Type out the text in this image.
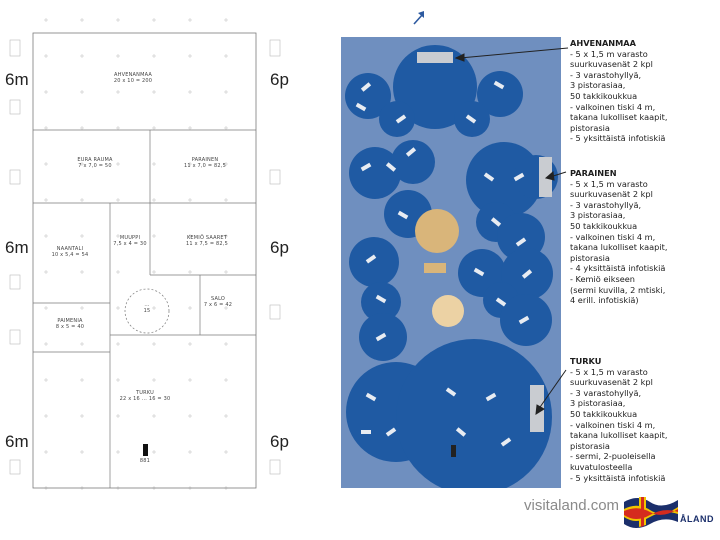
6m	6p
6m	6p
6m	6p
AHVENANMAA
20 x 10 = 200
EURA RAUMA
7 x 7,0 = 50
PARAINEN
11 x 7,0 = 82,5
NAANTALI
10 x 5,4 = 54
MUUPPI
7,5 x 4 = 30
KEMIÖ SAARET
11 x 7,5 = 82,5
SALO
7 x 6 = 42
PAIMENIA
8 x 5 = 40
TURKU
22 x 16 ... 16 = 30
...
15
881
AHVENANMAA
- 5 x 1,5 m varasto
suurkuvasenät 2 kpl
- 3 varastohyllyä,
3 pistorasiaa,
50 takkikoukkua
- valkoinen tiski 4 m,
takana lukolliset kaapit,
pistorasia
- 5 yksittäistä infotiskiä
PARAINEN
- 5 x 1,5 m varasto
suurkuvasenät 2 kpl
- 3 varastohyllyä,
3 pistorasiaa,
50 takkikoukkua
- valkoinen tiski 4 m,
takana lukolliset kaapit,
pistorasia
- 4 yksittäistä infotiskiä
- Kemiö eikseen
(sermi kuvilla, 2 mtiski,
4 erill. infotiskiä)
TURKU
- 5 x 1,5 m varasto
suurkuvasenät 2 kpl
- 3 varastohyllyä,
3 pistorasiaa,
50 takkikoukkua
- valkoinen tiski 4 m,
takana lukolliset kaapit,
pistorasia
- sermi, 2-puoleisella
kuvatulosteella
- 5 yksittäistä infotiskiä
visitaland.com
ÅLAND
